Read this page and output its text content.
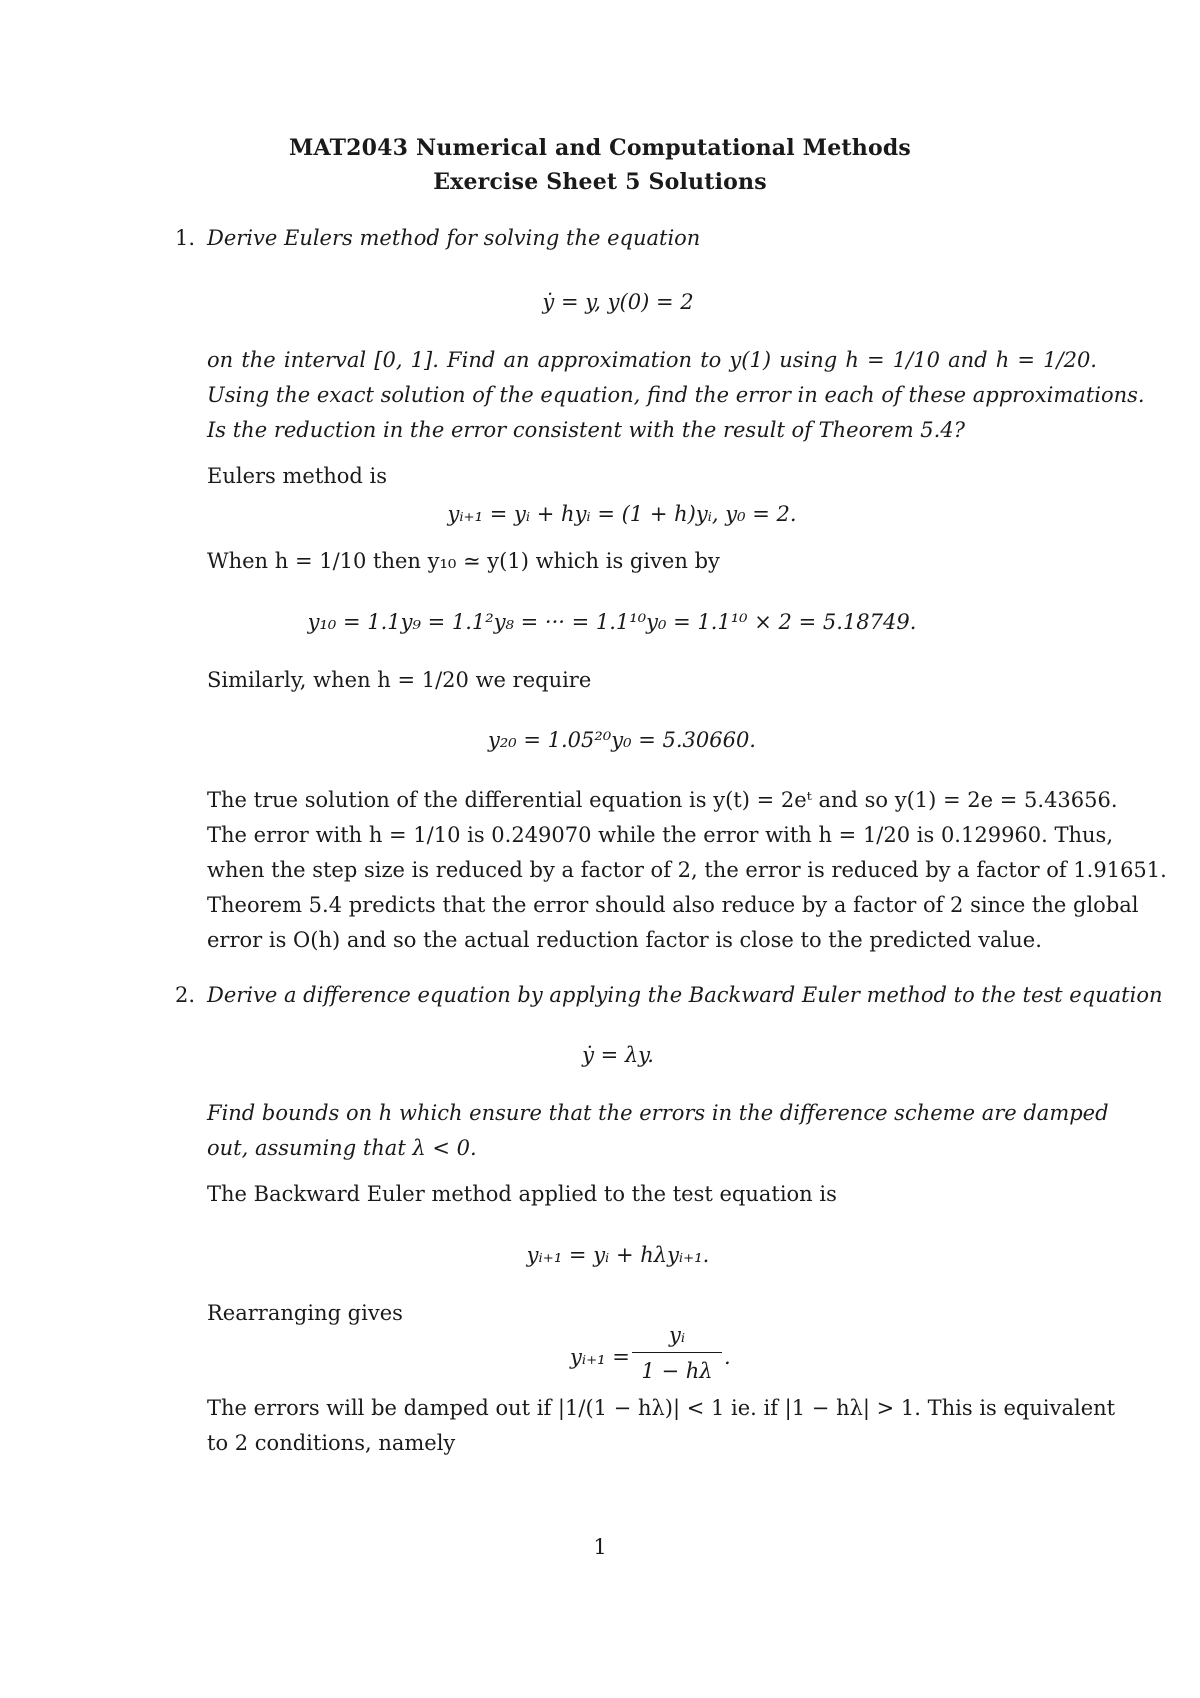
MAT2043 Numerical and Computational Methods
Exercise Sheet 5 Solutions
1. Derive Eulers method for solving the equation
ẏ = y, y(0) = 2
on the interval [0, 1]. Find an approximation to y(1) using h = 1/10 and h = 1/20.
Using the exact solution of the equation, find the error in each of these approximations.
Is the reduction in the error consistent with the result of Theorem 5.4?
Eulers method is
yᵢ₊₁ = yᵢ + hyᵢ = (1 + h)yᵢ, y₀ = 2.
When h = 1/10 then y₁₀ ≃ y(1) which is given by
y₁₀ = 1.1y₉ = 1.1²y₈ = ··· = 1.1¹⁰y₀ = 1.1¹⁰ × 2 = 5.18749.
Similarly, when h = 1/20 we require
y₂₀ = 1.05²⁰y₀ = 5.30660.
The true solution of the differential equation is y(t) = 2eᵗ and so y(1) = 2e = 5.43656.
The error with h = 1/10 is 0.249070 while the error with h = 1/20 is 0.129960. Thus,
when the step size is reduced by a factor of 2, the error is reduced by a factor of 1.91651.
Theorem 5.4 predicts that the error should also reduce by a factor of 2 since the global
error is O(h) and so the actual reduction factor is close to the predicted value.
2. Derive a difference equation by applying the Backward Euler method to the test equation
ẏ = λy.
Find bounds on h which ensure that the errors in the difference scheme are damped
out, assuming that λ < 0.
The Backward Euler method applied to the test equation is
yᵢ₊₁ = yᵢ + hλyᵢ₊₁.
Rearranging gives
yᵢ₊₁ =
yᵢ
1 − hλ
.
The errors will be damped out if |1/(1 − hλ)| < 1 ie. if |1 − hλ| > 1. This is equivalent
to 2 conditions, namely
1
